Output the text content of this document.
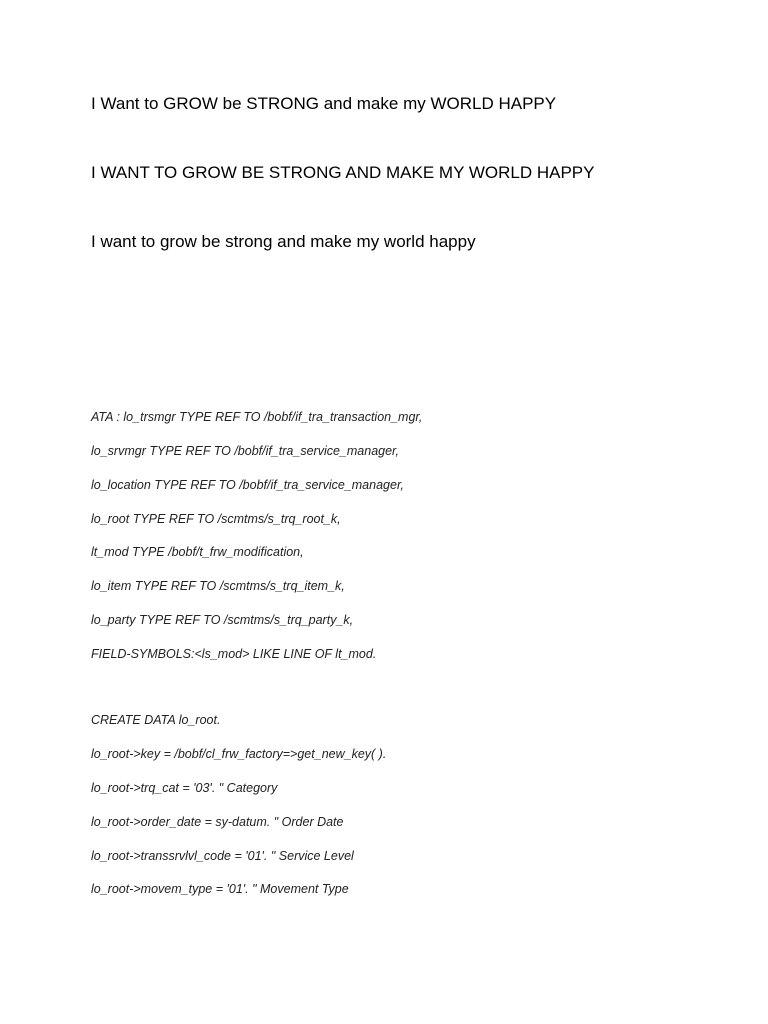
I Want to GROW be STRONG and make my WORLD HAPPY

I WANT TO GROW BE STRONG AND MAKE MY WORLD HAPPY

I want to grow be strong and make my world happy

ATA : lo_trsmgr TYPE REF TO /bobf/if_tra_transaction_mgr,

lo_srvmgr TYPE REF TO /bobf/if_tra_service_manager,

lo_location TYPE REF TO /bobf/if_tra_service_manager,

lo_root TYPE REF TO /scmtms/s_trq_root_k,

lt_mod TYPE /bobf/t_frw_modification,

lo_item TYPE REF TO /scmtms/s_trq_item_k,

lo_party TYPE REF TO /scmtms/s_trq_party_k,

FIELD-SYMBOLS:<ls_mod> LIKE LINE OF lt_mod.

CREATE DATA lo_root.

lo_root->key = /bobf/cl_frw_factory=>get_new_key( ).

lo_root->trq_cat = '03'. " Category

lo_root->order_date = sy-datum. " Order Date

lo_root->transsrvlvl_code = '01'. " Service Level

lo_root->movem_type = '01'. " Movement Type
